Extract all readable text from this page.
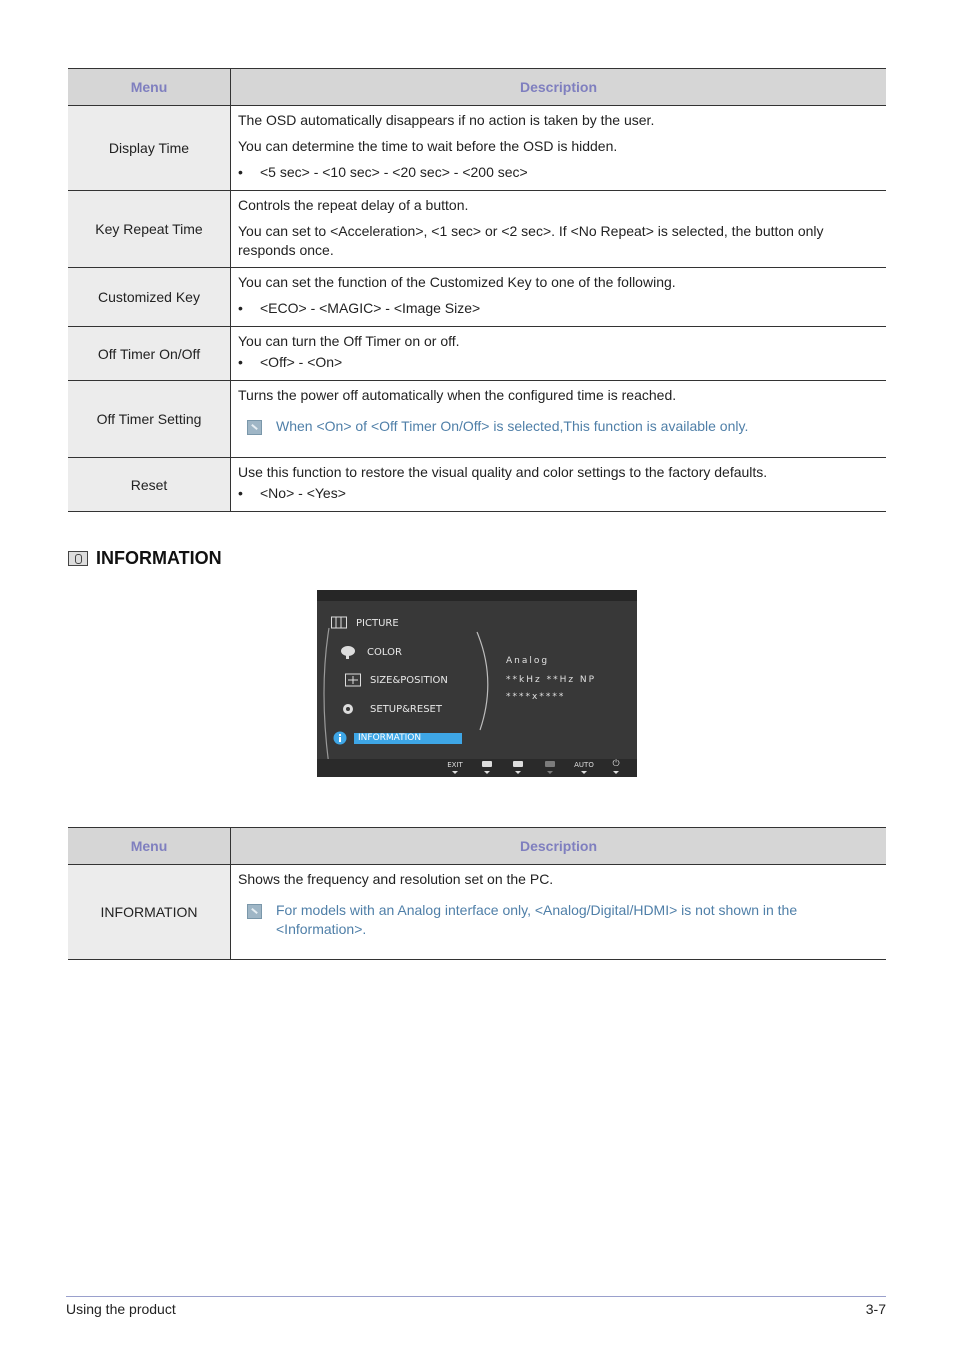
Menu	Description
Display Time	The OSD automatically disappears if no action is taken by the user.

You can determine the time to wait before the OSD is hidden.

• <5 sec> - <10 sec> - <20 sec> - <200 sec>

Key Repeat Time	Controls the repeat delay of a button.

You can set to <Acceleration>, <1 sec> or <2 sec>. If <No Repeat> is selected, the button only responds once.

Customized Key	You can set the function of the Customized Key to one of the following.

• <ECO> - <MAGIC> - <Image Size>

Off Timer On/Off	You can turn the Off Timer on or off.

• <Off> - <On>

Off Timer Setting	Turns the power off automatically when the configured time is reached.

When <On> of <Off Timer On/Off> is selected,This function is available only.

Reset	Use this function to restore the visual quality and color settings to the factory defaults.

• <No> - <Yes>
INFORMATION
PICTURE
COLOR
SIZE&POSITION
SETUP&RESET
INFORMATION
Analog
**kHz **Hz NP
****x****
EXIT	AUTO	⏻
Menu	Description
INFORMATION	Shows the frequency and resolution set on the PC.

For models with an Analog interface only, <Analog/Digital/HDMI> is not shown in the <Information>.
Using the product	3-7
